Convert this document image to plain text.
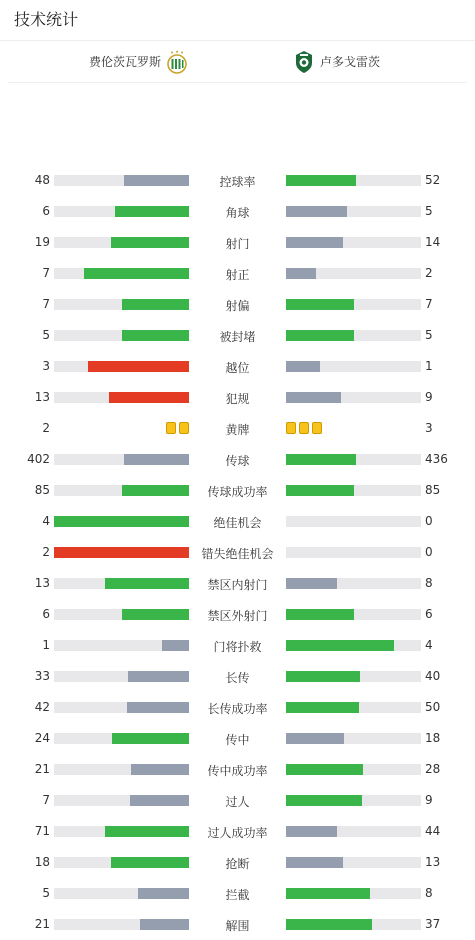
技术统计
费伦茨瓦罗斯	卢多戈雷茨
48	控球率	52
6	角球	5
19	射门	14
7	射正	2
7	射偏	7
5	被封堵	5
3	越位	1
13	犯规	9
2	黄牌	3
402	传球	436
85	传球成功率	85
4	绝佳机会	0
2	错失绝佳机会	0
13	禁区内射门	8
6	禁区外射门	6
1	门将扑救	4
33	长传	40
42	长传成功率	50
24	传中	18
21	传中成功率	28
7	过人	9
71	过人成功率	44
18	抢断	13
5	拦截	8
21	解围	37
